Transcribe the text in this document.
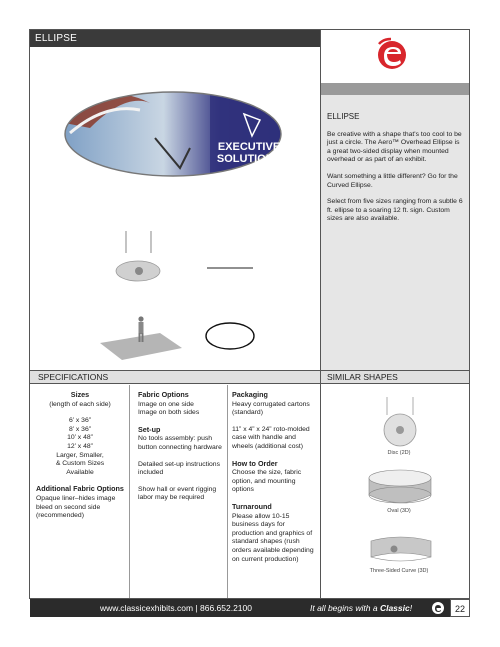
ELLIPSE

ELLIPSE

Be creative with a shape that's too cool to be just a circle. The Aero™ Overhead Ellipse is a great two-sided display when mounted overhead or as part of an exhibit.

Want something a little different? Go for the Curved Ellipse.

Select from five sizes ranging from a subtle 6 ft. ellipse to a soaring 12 ft. sign. Custom sizes are also available.

EXECUTIVE
SOLUTIONS
SPECIFICATIONS	SIMILAR SHAPES
Sizes
(length of each side)
6’ x 36”
8’ x 36”
10’ x 48”
12’ x 48”
Larger, Smaller,
& Custom Sizes
Available
Additional Fabric Options
Opaque liner–hides image bleed on second side (recommended)
Fabric Options
Image on one side
Image on both sides
Set-up
No tools assembly: push button connecting hardware
Detailed set-up instructions included
Show hall or event rigging labor may be required
Packaging
Heavy corrugated cartons (standard)
11” x 4” x 24” roto-molded case with handle and wheels (additional cost)
How to Order
Choose the size, fabric option, and mounting options
Turnaround
Please allow 10-15 business days for production and graphics of standard shapes (rush orders available depending on current production)
Disc (2D)
Oval (3D)
Three-Sided Curve (3D)
www.classicexhibits.com | 866.652.2100	It all begins with a Classic!	22
